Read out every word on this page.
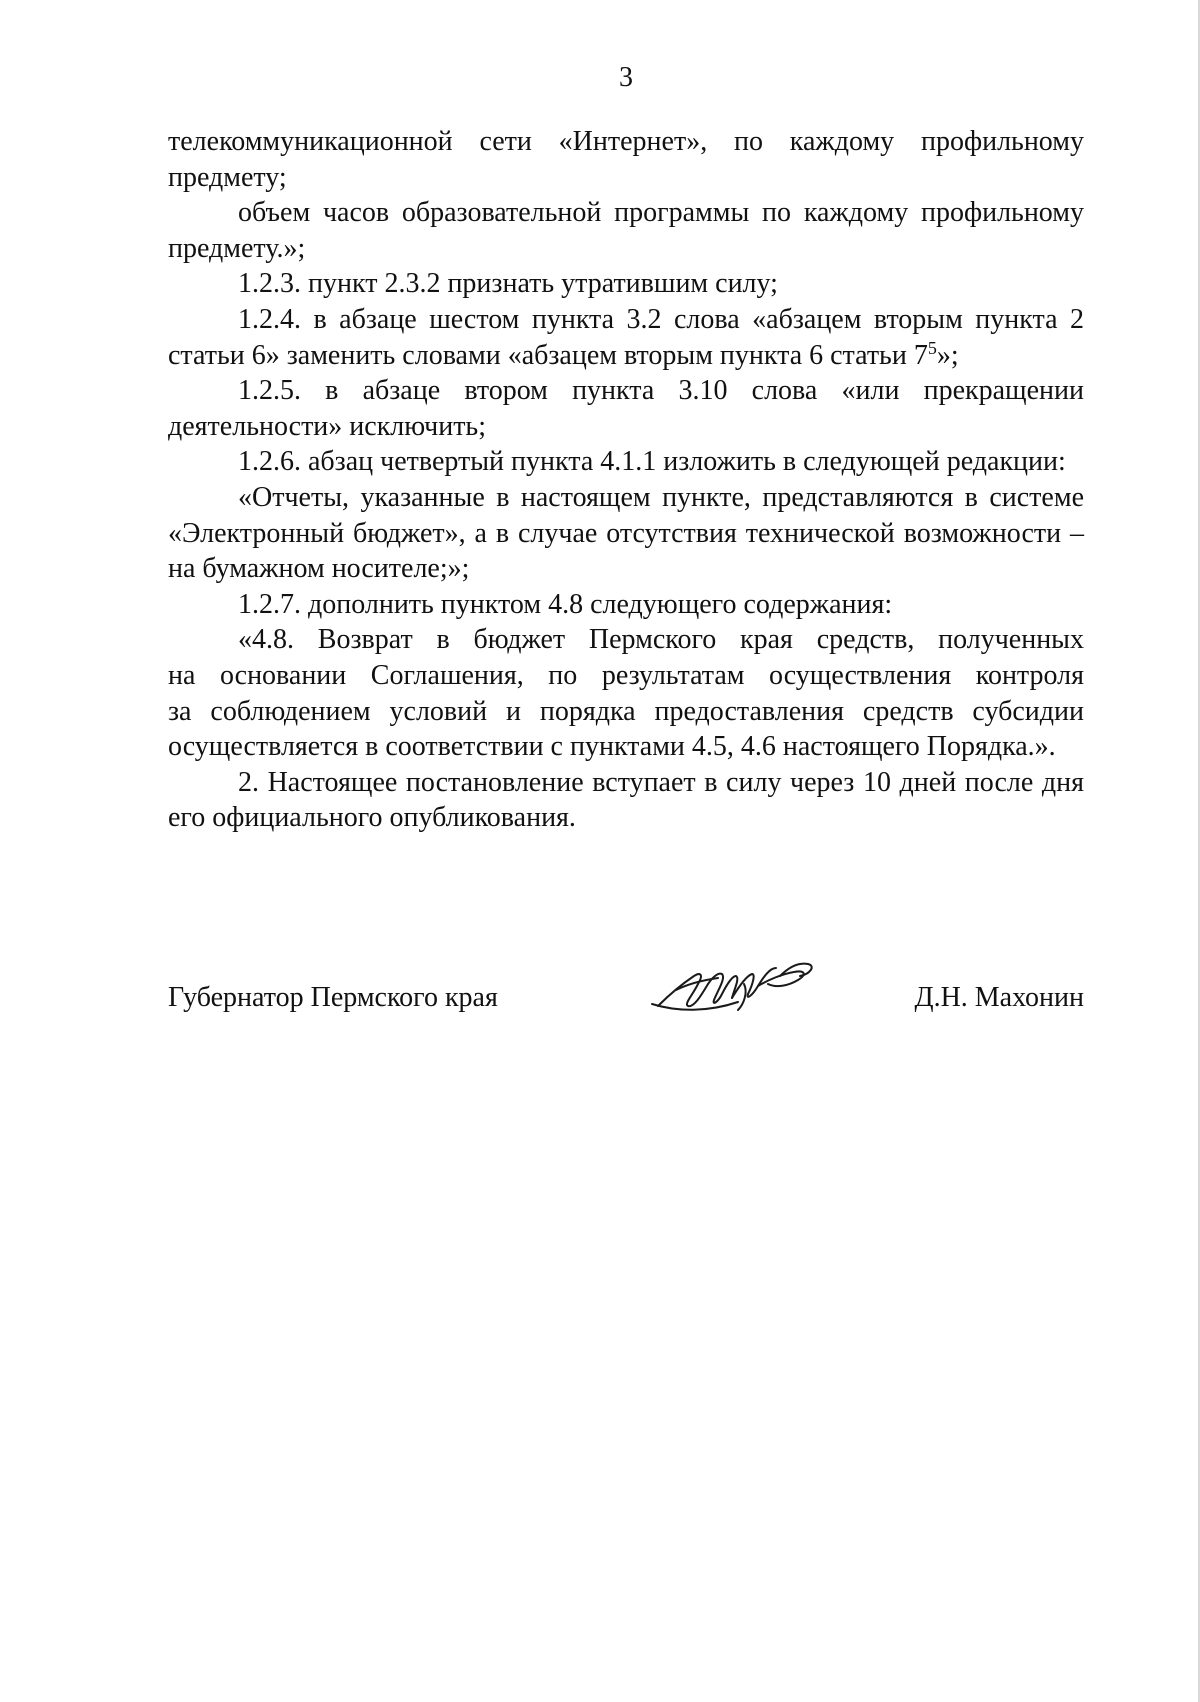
3
телекоммуникационной сети «Интернет», по каждому профильному
предмету;
объем часов образовательной программы по каждому профильному
предмету.»;
1.2.3. пункт 2.3.2 признать утратившим силу;
1.2.4. в абзаце шестом пункта 3.2 слова «абзацем вторым пункта 2
статьи 6» заменить словами «абзацем вторым пункта 6 статьи $7^5$»;
1.2.5. в абзаце втором пункта 3.10 слова «или прекращении
деятельности» исключить;
1.2.6. абзац четвертый пункта 4.1.1 изложить в следующей редакции:
«Отчеты, указанные в настоящем пункте, представляются в системе
«Электронный бюджет», а в случае отсутствия технической возможности –
на бумажном носителе;»;
1.2.7. дополнить пунктом 4.8 следующего содержания:
«4.8. Возврат в бюджет Пермского края средств, полученных
на основании Соглашения, по результатам осуществления контроля
за соблюдением условий и порядка предоставления средств субсидии
осуществляется в соответствии с пунктами 4.5, 4.6 настоящего Порядка.».
2. Настоящее постановление вступает в силу через 10 дней после дня
его официального опубликования.
Губернатор Пермского края	Д.Н. Махонин
